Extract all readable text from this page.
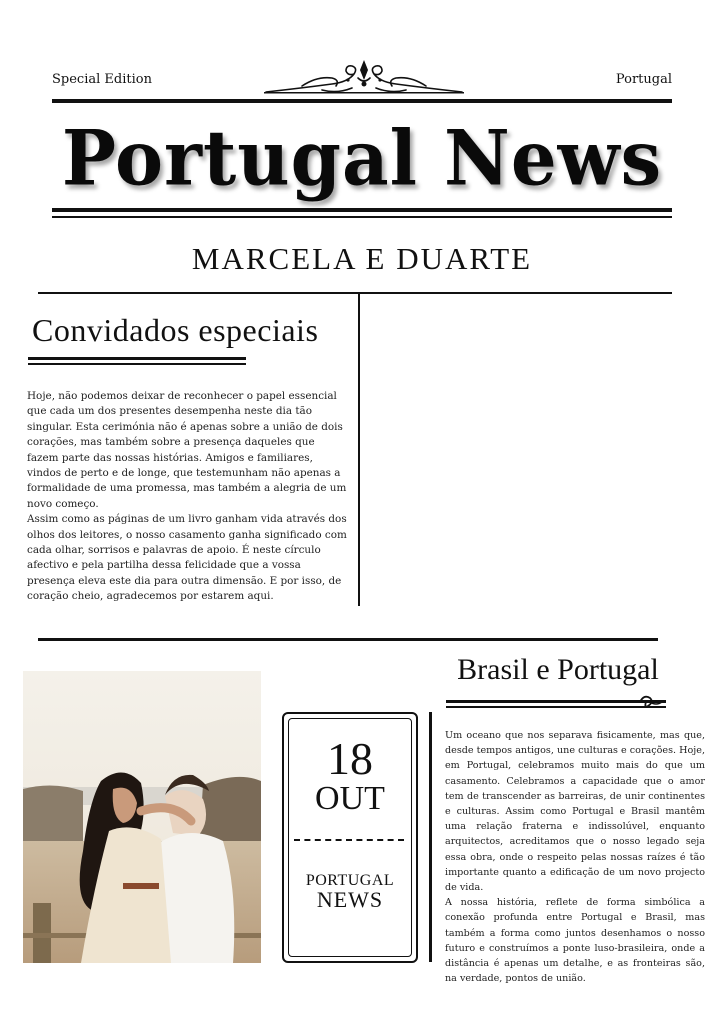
Special Edition	Portugal
Portugal News
MARCELA E DUARTE
Convidados especiais

Hoje, não podemos deixar de reconhecer o papel essencial que cada um dos presentes desempenha neste dia tão singular. Esta cerimónia não é apenas sobre a união de dois corações, mas também sobre a presença daqueles que fazem parte das nossas histórias. Amigos e familiares, vindos de perto e de longe, que testemunham não apenas a formalidade de uma promessa, mas também a alegria de um novo começo.

Assim como as páginas de um livro ganham vida através dos olhos dos leitores, o nosso casamento ganha significado com cada olhar, sorrisos e palavras de apoio. É neste círculo afectivo e pela partilha dessa felicidade que a vossa presença eleva este dia para outra dimensão. E por isso, de coração cheio, agradecemos por estarem aqui.

18
OUT
PORTUGAL
NEWS
Brasil e Portugal

Um oceano que nos separava fisicamente, mas que, desde tempos antigos, une culturas e corações. Hoje, em Portugal, celebramos muito mais do que um casamento. Celebramos a capacidade que o amor tem de transcender as barreiras, de unir continentes e culturas. Assim como Portugal e Brasil mantêm uma relação fraterna e indissolúvel, enquanto arquitectos, acreditamos que o nosso legado seja essa obra, onde o respeito pelas nossas raízes é tão importante quanto a edificação de um novo projecto de vida.

A nossa história, reflete de forma simbólica a conexão profunda entre Portugal e Brasil, mas também a forma como juntos desenhamos o nosso futuro e construímos a ponte luso-brasileira, onde a distância é apenas um detalhe, e as fronteiras são, na verdade, pontos de união.
